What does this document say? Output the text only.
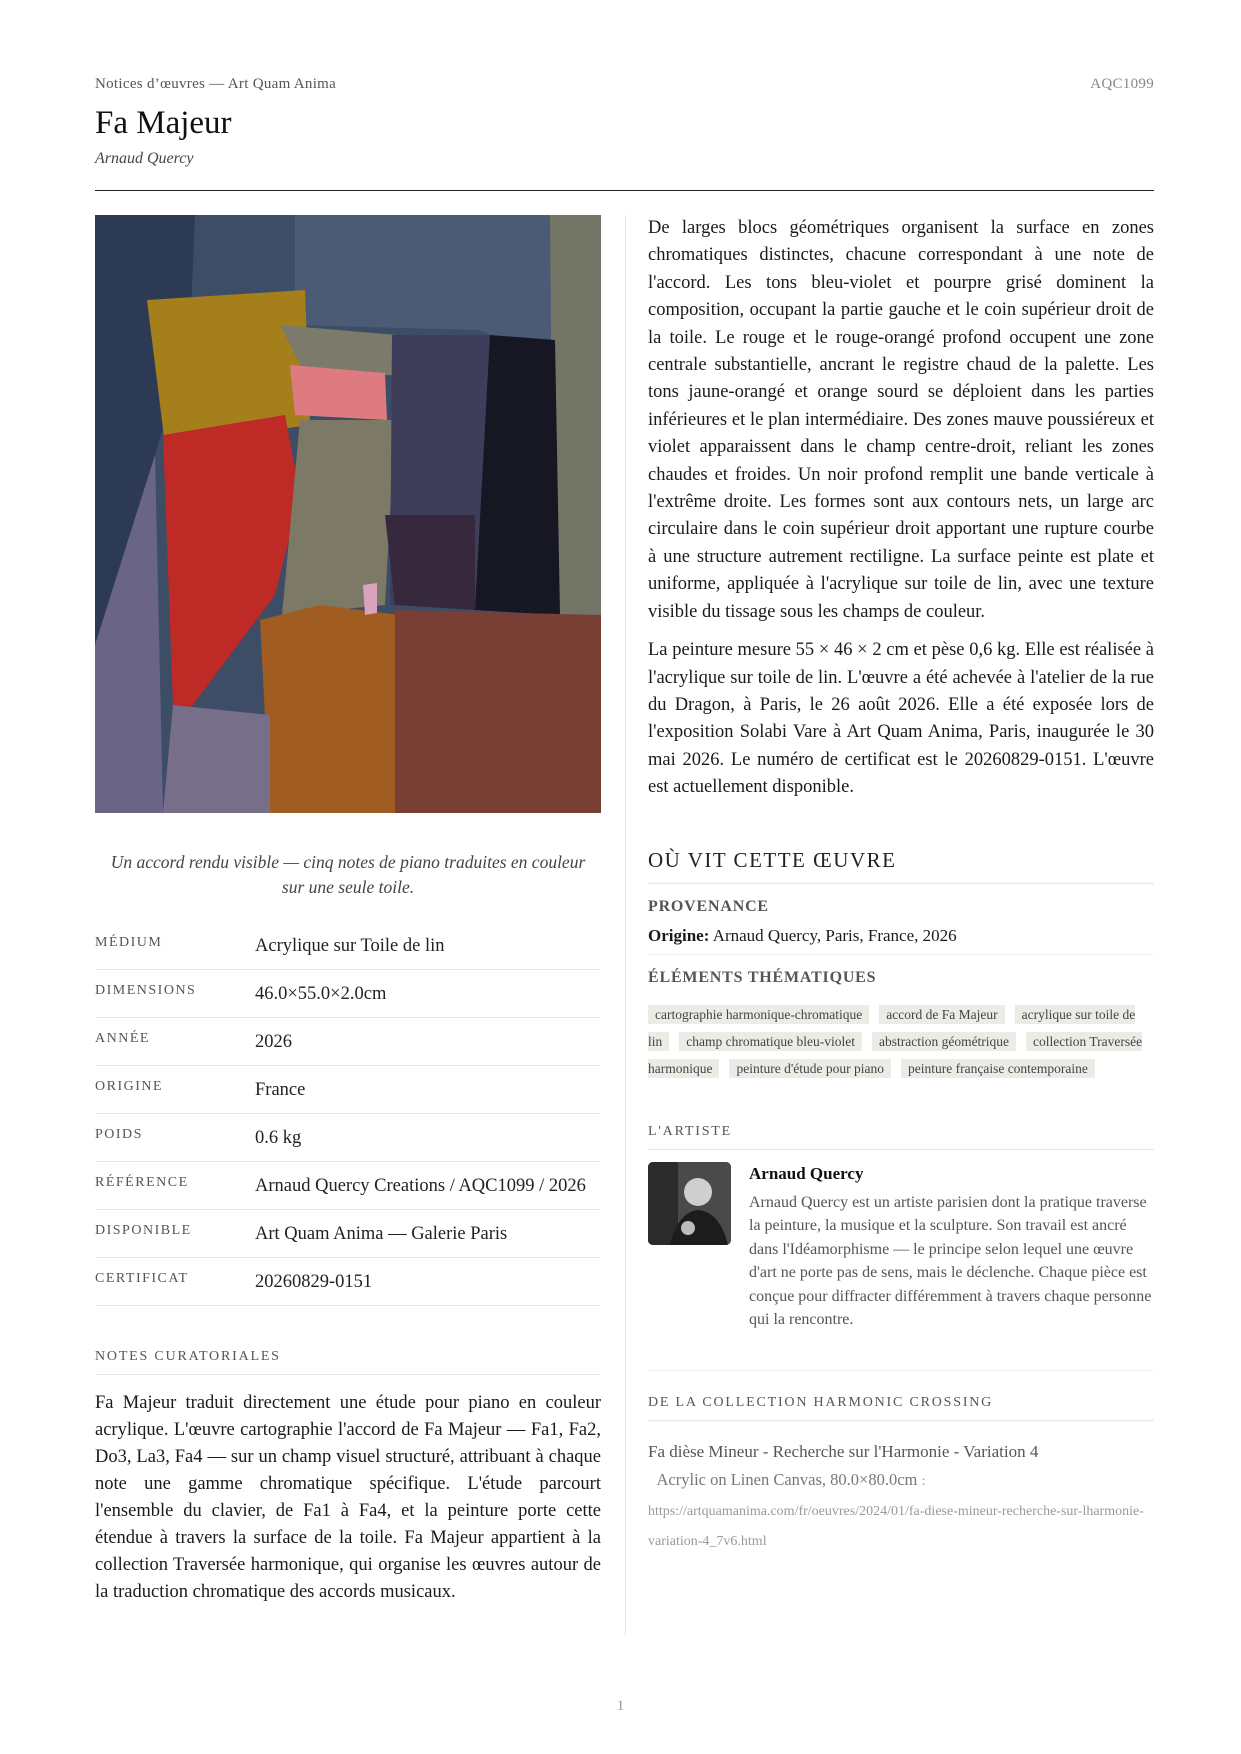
Notices d’œuvres — Art Quam Anima	AQC1099
Fa Majeur
Arnaud Quercy
Un accord rendu visible — cinq notes de piano traduites en couleur sur une seule toile.
MÉDIUM	Acrylique sur Toile de lin
DIMENSIONS	46.0×55.0×2.0cm
ANNÉE	2026
ORIGINE	France
POIDS	0.6 kg
RÉFÉRENCE	Arnaud Quercy Creations / AQC1099 / 2026
DISPONIBLE	Art Quam Anima — Galerie Paris
CERTIFICAT	20260829-0151
NOTES CURATORIALES

Fa Majeur traduit directement une étude pour piano en couleur acrylique. L'œuvre cartographie l'accord de Fa Majeur — Fa1, Fa2, Do3, La3, Fa4 — sur un champ visuel structuré, attribuant à chaque note une gamme chromatique spécifique. L'étude parcourt l'ensemble du clavier, de Fa1 à Fa4, et la peinture porte cette étendue à travers la surface de la toile. Fa Majeur appartient à la collection Traversée harmonique, qui organise les œuvres autour de la traduction chromatique des accords musicaux.

De larges blocs géométriques organisent la surface en zones chromatiques distinctes, chacune correspondant à une note de l'accord. Les tons bleu-violet et pourpre grisé dominent la composition, occupant la partie gauche et le coin supérieur droit de la toile. Le rouge et le rouge-orangé profond occupent une zone centrale substantielle, ancrant le registre chaud de la palette. Les tons jaune-orangé et orange sourd se déploient dans les parties inférieures et le plan intermédiaire. Des zones mauve poussiéreux et violet apparaissent dans le champ centre-droit, reliant les zones chaudes et froides. Un noir profond remplit une bande verticale à l'extrême droite. Les formes sont aux contours nets, un large arc circulaire dans le coin supérieur droit apportant une rupture courbe à une structure autrement rectiligne. La surface peinte est plate et uniforme, appliquée à l'acrylique sur toile de lin, avec une texture visible du tissage sous les champs de couleur.

La peinture mesure 55 × 46 × 2 cm et pèse 0,6 kg. Elle est réalisée à l'acrylique sur toile de lin. L'œuvre a été achevée à l'atelier de la rue du Dragon, à Paris, le 26 août 2026. Elle a été exposée lors de l'exposition Solabi Vare à Art Quam Anima, Paris, inaugurée le 30 mai 2026. Le numéro de certificat est le 20260829-0151. L'œuvre est actuellement disponible.

OÙ VIT CETTE ŒUVRE
PROVENANCE
Origine: Arnaud Quercy, Paris, France, 2026
ÉLÉMENTS THÉMATIQUES
cartographie harmonique-chromatique accord de Fa Majeur acrylique sur toile de lin champ chromatique bleu-violet abstraction géométrique collection Traversée harmonique peinture d'étude pour piano peinture française contemporaine
L'ARTISTE
Arnaud Quercy
Arnaud Quercy est un artiste parisien dont la pratique traverse la peinture, la musique et la sculpture. Son travail est ancré dans l'Idéamorphisme — le principe selon lequel une œuvre d'art ne porte pas de sens, mais le déclenche. Chaque pièce est conçue pour diffracter différemment à travers chaque personne qui la rencontre.
DE LA COLLECTION HARMONIC CROSSING
Fa dièse Mineur - Recherche sur l'Harmonie - Variation 4
Acrylic on Linen Canvas, 80.0×80.0cm : https://artquamanima.com/fr/oeuvres/2024/01/fa-diese-mineur-recherche-sur-lharmonie-variation-4_7v6.html
1
